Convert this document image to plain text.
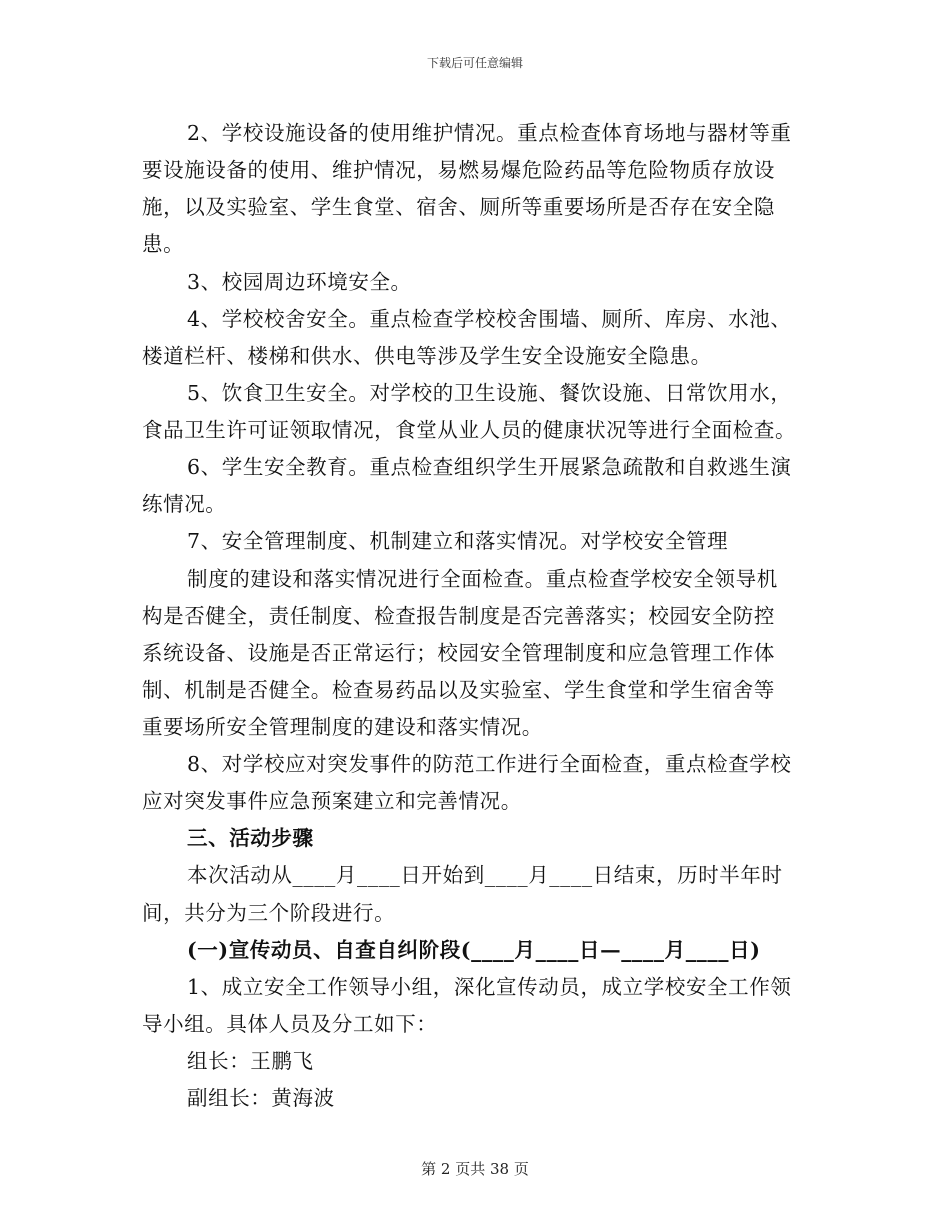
下载后可任意编辑
2、学校设施设备的使用维护情况。重点检查体育场地与器材等重
要设施设备的使用、维护情况，易燃易爆危险药品等危险物质存放设
施，以及实验室、学生食堂、宿舍、厕所等重要场所是否存在安全隐
患。
3、校园周边环境安全。
4、学校校舍安全。重点检查学校校舍围墙、厕所、库房、水池、
楼道栏杆、楼梯和供水、供电等涉及学生安全设施安全隐患。
5、饮食卫生安全。对学校的卫生设施、餐饮设施、日常饮用水，
食品卫生许可证领取情况，食堂从业人员的健康状况等进行全面检查。
6、学生安全教育。重点检查组织学生开展紧急疏散和自救逃生演
练情况。
7、安全管理制度、机制建立和落实情况。对学校安全管理
制度的建设和落实情况进行全面检查。重点检查学校安全领导机
构是否健全，责任制度、检查报告制度是否完善落实；校园安全防控
系统设备、设施是否正常运行；校园安全管理制度和应急管理工作体
制、机制是否健全。检查易药品以及实验室、学生食堂和学生宿舍等
重要场所安全管理制度的建设和落实情况。
8、对学校应对突发事件的防范工作进行全面检查，重点检查学校
应对突发事件应急预案建立和完善情况。
三、活动步骤
本次活动从____月____日开始到____月____日结束，历时半年时
间，共分为三个阶段进行。
(一)宣传动员、自查自纠阶段(____月____日—____月____日)
1、成立安全工作领导小组，深化宣传动员，成立学校安全工作领
导小组。具体人员及分工如下：
组长：王鹏飞
副组长：黄海波
第 2 页共 38 页
